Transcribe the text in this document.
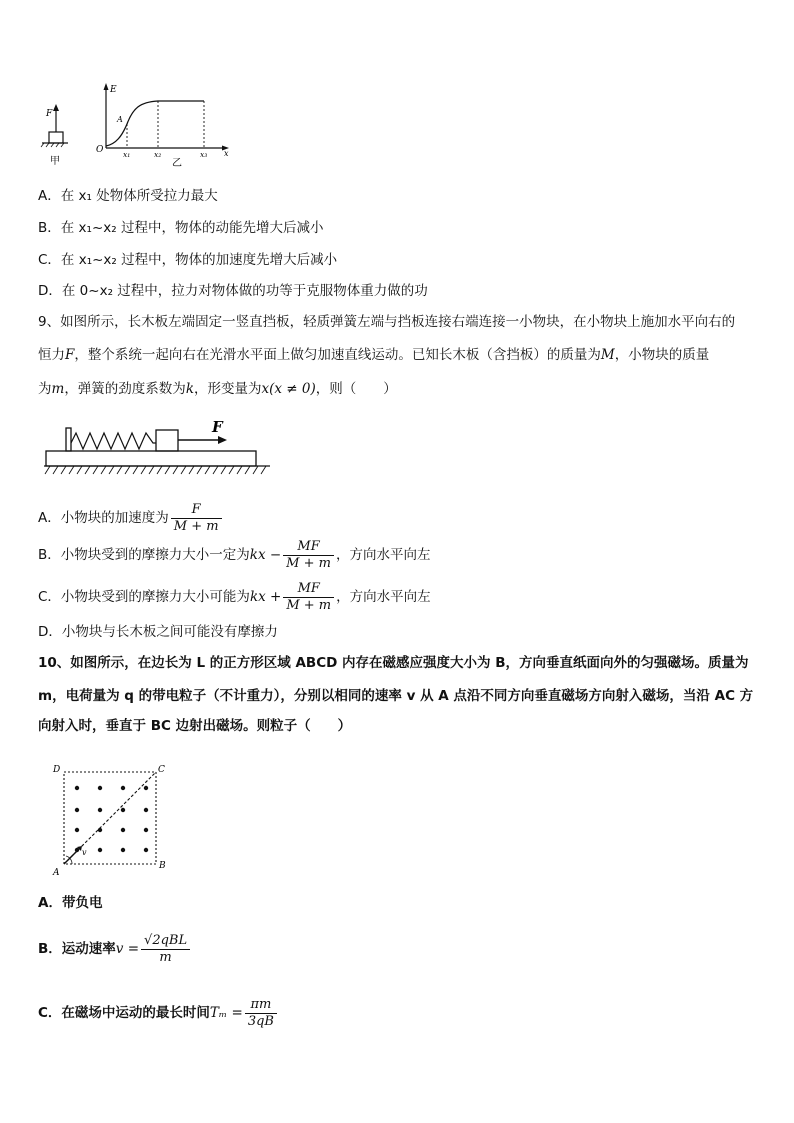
F
甲
E
O	x
A
x₁	x₂	x₃
乙
A．在 x₁ 处物体所受拉力最大
B．在 x₁~x₂ 过程中，物体的动能先增大后减小
C．在 x₁~x₂ 过程中，物体的加速度先增大后减小
D．在 0~x₂ 过程中，拉力对物体做的功等于克服物体重力做的功
9、如图所示，长木板左端固定一竖直挡板，轻质弹簧左端与挡板连接右端连接一小物块，在小物块上施加水平向右的
恒力F，整个系统一起向右在光滑水平面上做匀加速直线运动。已知长木板（含挡板）的质量为M，小物块的质量
为m，弹簧的劲度系数为k，形变量为x(x ≠ 0)，则（　　）
F
A．小物块的加速度为 $\frac{F}{M + m}$
B．小物块受到的摩擦力大小一定为kx − $\frac{MF}{M + m}$ ，方向水平向左
C．小物块受到的摩擦力大小可能为kx + $\frac{MF}{M + m}$ ，方向水平向左
D．小物块与长木板之间可能没有摩擦力
10、如图所示，在边长为 L 的正方形区域 ABCD 内存在磁感应强度大小为 B，方向垂直纸面向外的匀强磁场。质量为
m，电荷量为 q 的带电粒子（不计重力），分别以相同的速率 v 从 A 点沿不同方向垂直磁场方向射入磁场，当沿 AC 方
向射入时，垂直于 BC 边射出磁场。则粒子（　　）
D	C
A
B
v
A．带负电
B．运动速率$v = \frac{\text{√2qBL}}{m}$
C．在磁场中运动的最长时间$T_m = \frac{\pi m}{3qB}$
